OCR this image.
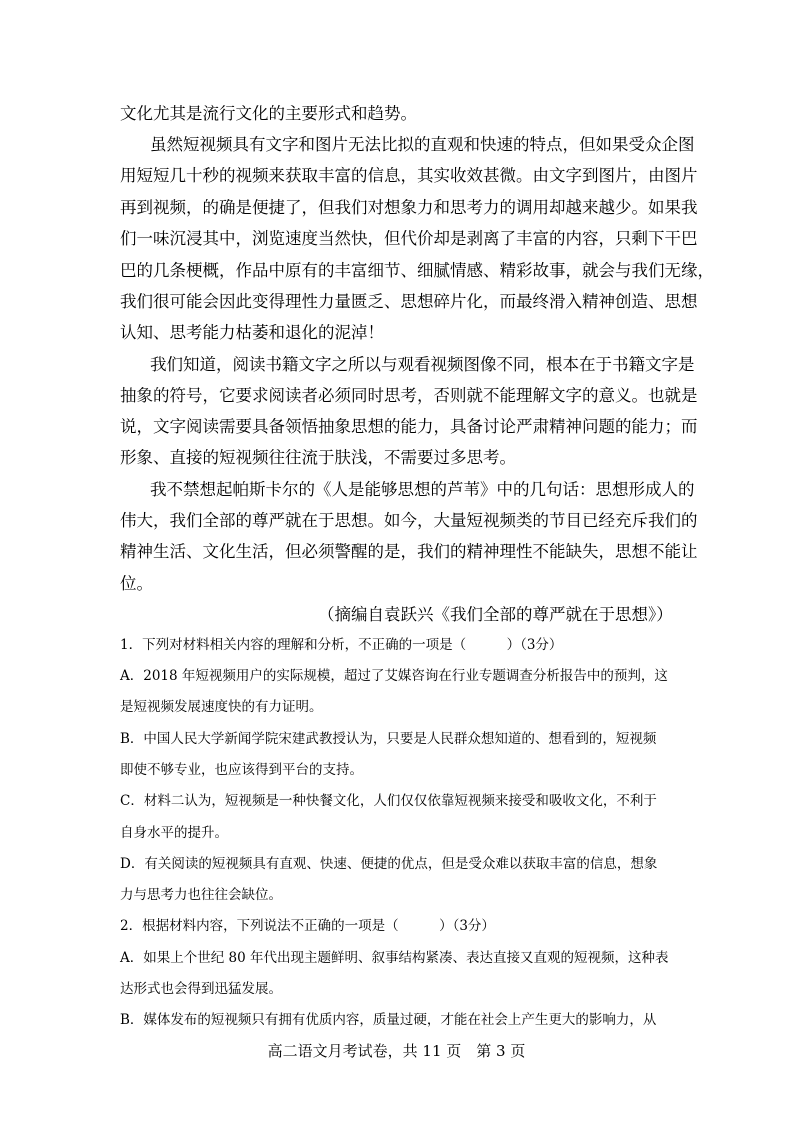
文化尤其是流行文化的主要形式和趋势。
虽然短视频具有文字和图片无法比拟的直观和快速的特点，但如果受众企图
用短短几十秒的视频来获取丰富的信息，其实收效甚微。由文字到图片，由图片
再到视频，的确是便捷了，但我们对想象力和思考力的调用却越来越少。如果我
们一味沉浸其中，浏览速度当然快，但代价却是剥离了丰富的内容，只剩下干巴
巴的几条梗概，作品中原有的丰富细节、细腻情感、精彩故事，就会与我们无缘，
我们很可能会因此变得理性力量匮乏、思想碎片化，而最终滑入精神创造、思想
认知、思考能力枯萎和退化的泥淖！
我们知道，阅读书籍文字之所以与观看视频图像不同，根本在于书籍文字是
抽象的符号，它要求阅读者必须同时思考，否则就不能理解文字的意义。也就是
说，文字阅读需要具备领悟抽象思想的能力，具备讨论严肃精神问题的能力；而
形象、直接的短视频往往流于肤浅，不需要过多思考。
我不禁想起帕斯卡尔的《人是能够思想的芦苇》中的几句话：思想形成人的
伟大，我们全部的尊严就在于思想。如今，大量短视频类的节目已经充斥我们的
精神生活、文化生活，但必须警醒的是，我们的精神理性不能缺失，思想不能让
位。
（摘编自袁跃兴《我们全部的尊严就在于思想》）
1．下列对材料相关内容的理解和分析，不正确的一项是（　　　）（3分）
A．2018 年短视频用户的实际规模，超过了艾媒咨询在行业专题调查分析报告中的预判，这
是短视频发展速度快的有力证明。
B．中国人民大学新闻学院宋建武教授认为，只要是人民群众想知道的、想看到的，短视频
即使不够专业，也应该得到平台的支持。
C．材料二认为，短视频是一种快餐文化，人们仅仅依靠短视频来接受和吸收文化，不利于
自身水平的提升。
D．有关阅读的短视频具有直观、快速、便捷的优点，但是受众难以获取丰富的信息，想象
力与思考力也往往会缺位。
2．根据材料内容，下列说法不正确的一项是（　　　）（3分）
A．如果上个世纪 80 年代出现主题鲜明、叙事结构紧凑、表达直接又直观的短视频，这种表
达形式也会得到迅猛发展。
B．媒体发布的短视频只有拥有优质内容，质量过硬，才能在社会上产生更大的影响力，从
高二语文月考试卷，共 11 页　第 3 页
